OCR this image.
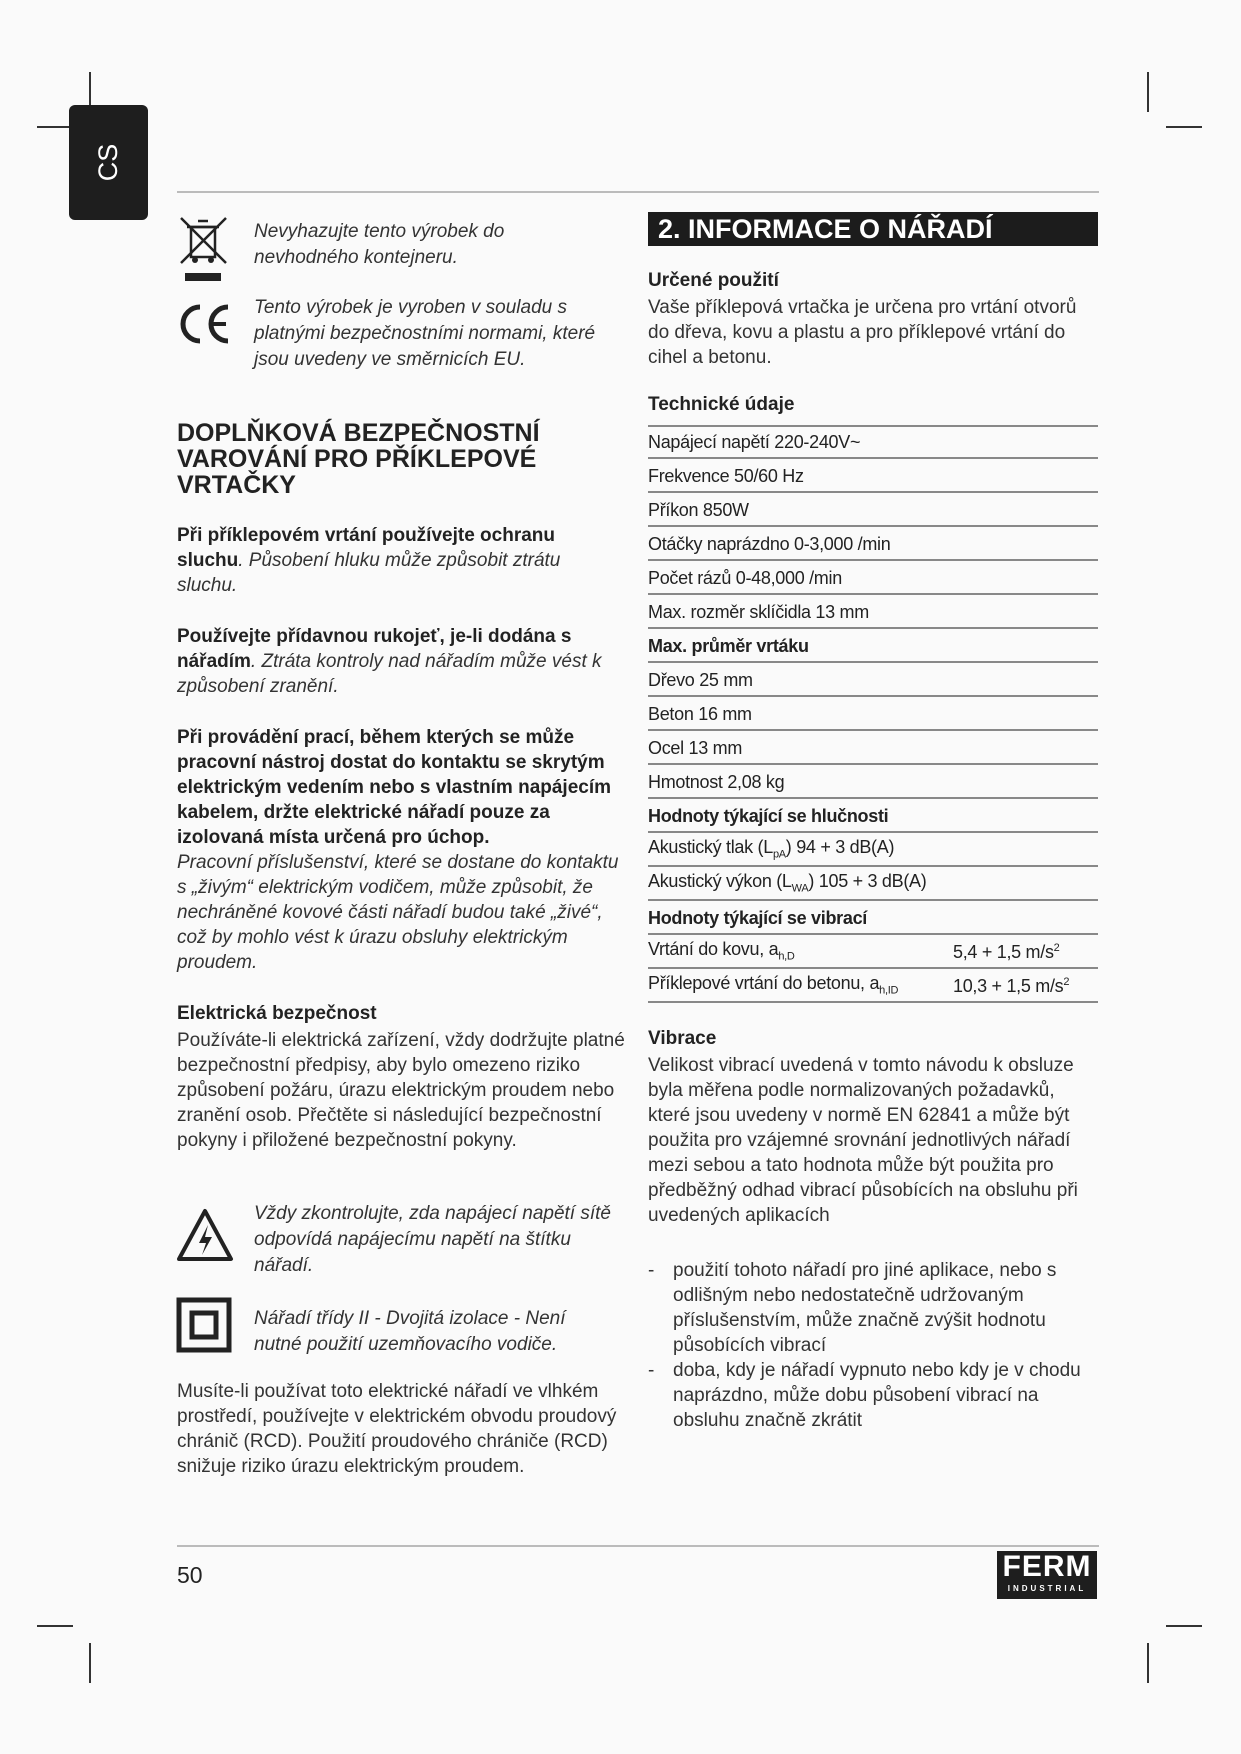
CS
Nevyhazujte tento výrobek do nevhodného kontejneru.
Tento výrobek je vyroben v souladu s platnými bezpečnostními normami, které jsou uvedeny ve směrnicích EU.
DOPLŇKOVÁ BEZPEČNOSTNÍ VAROVÁNÍ PRO PŘÍKLEPOVÉ VRTAČKY
Při příklepovém vrtání používejte ochranu sluchu. Působení hluku může způsobit ztrátu sluchu.
Používejte přídavnou rukojeť, je-li dodána s nářadím. Ztráta kontroly nad nářadím může vést k způsobení zranění.
Při provádění prací, během kterých se může pracovní nástroj dostat do kontaktu se skrytým elektrickým vedením nebo s vlastním napájecím kabelem, držte elektrické nářadí pouze za izolovaná místa určená pro úchop.
Pracovní příslušenství, které se dostane do kontaktu s „živým“ elektrickým vodičem, může způsobit, že nechráněné kovové části nářadí budou také „živé“, což by mohlo vést k úrazu obsluhy elektrickým proudem.
Elektrická bezpečnost
Používáte-li elektrická zařízení, vždy dodržujte platné bezpečnostní předpisy, aby bylo omezeno riziko způsobení požáru, úrazu elektrickým proudem nebo zranění osob. Přečtěte si následující bezpečnostní pokyny i přiložené bezpečnostní pokyny.
Vždy zkontrolujte, zda napájecí napětí sítě odpovídá napájecímu napětí na štítku nářadí.
Nářadí třídy II - Dvojitá izolace - Není nutné použití uzemňovacího vodiče.
Musíte-li používat toto elektrické nářadí ve vlhkém prostředí, používejte v elektrickém obvodu proudový chránič (RCD). Použití proudového chrániče (RCD) snižuje riziko úrazu elektrickým proudem.
2. INFORMACE O NÁŘADÍ
Určené použití
Vaše příklepová vrtačka je určena pro vrtání otvorů do dřeva, kovu a plastu a pro příklepové vrtání do cihel a betonu.
Technické údaje
Napájecí napětí 220-240V~
Frekvence 50/60 Hz
Příkon 850W
Otáčky naprázdno 0-3,000 /min
Počet rázů 0-48,000 /min
Max. rozměr sklíčidla 13 mm
Max. průměr vrtáku
Dřevo 25 mm
Beton 16 mm
Ocel 13 mm
Hmotnost 2,08 kg
Hodnoty týkající se hlučnosti
Akustický tlak $(L_{pA}) 94 + 3$ dB(A)
Akustický výkon $(L_{WA}) 105 + 3$ dB(A)
Hodnoty týkající se vibrací
Vrtání do kovu, $a_{h,D}$	5,4 + 1,5 $m/s^2$
Příklepové vrtání do betonu, $a_{h,ID}$	10,3 + 1,5 $m/s^2$
Vibrace
Velikost vibrací uvedená v tomto návodu k obsluze byla měřena podle normalizovaných požadavků, které jsou uvedeny v normě EN 62841 a může být použita pro vzájemné srovnání jednotlivých nářadí mezi sebou a tato hodnota může být použita pro předběžný odhad vibrací působících na obsluhu při uvedených aplikacích
- použití tohoto nářadí pro jiné aplikace, nebo s odlišným nebo nedostatečně udržovaným příslušenstvím, může značně zvýšit hodnotu působících vibrací
- doba, kdy je nářadí vypnuto nebo kdy je v chodu naprázdno, může dobu působení vibrací na obsluhu značně zkrátit
50	FERM
INDUSTRIAL
